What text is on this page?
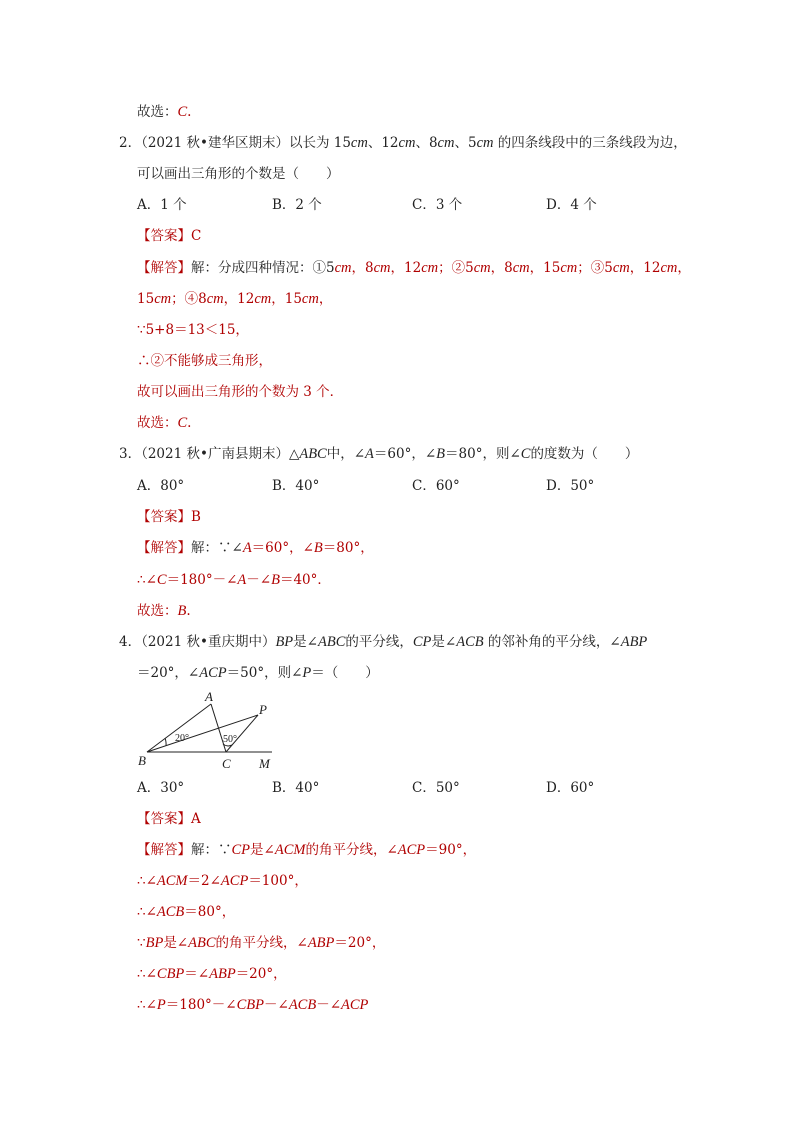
故选：C.
2．（2021 秋•建华区期末）以长为 15cm、12cm、8cm、5cm 的四条线段中的三条线段为边，
可以画出三角形的个数是（　　）
【答案】C
【解答】解：分成四种情况：①5cm，8cm，12cm；②5cm，8cm，15cm；③5cm，12cm，
15cm；④8cm，12cm，15cm，
∵5+8＝13＜15，
∴②不能够成三角形，
故可以画出三角形的个数为 3 个．
故选：C.
3．（2021 秋•广南县期末）△ABC中，∠A＝60°，∠B＝80°，则∠C的度数为（　　）
【答案】B
【解答】解：∵∠A＝60°，∠B＝80°，
∴∠C＝180°－∠A－∠B＝40°．
故选：B.
4．（2021 秋•重庆期中）BP是∠ABC的平分线，CP是∠ACB 的邻补角的平分线，∠ABP
＝20°，∠ACP＝50°，则∠P＝（　　）
【答案】A
【解答】解：∵CP是∠ACM的角平分线，∠ACP＝90°，
∴∠ACM＝2∠ACP＝100°，
∴∠ACB＝80°，
∵BP是∠ABC的角平分线，∠ABP＝20°，
∴∠CBP＝∠ABP＝20°，
∴∠P＝180°－∠CBP－∠ACB－∠ACP
A．1 个	B．2 个	C．3 个	D．4 个
A．80°	B．40°	C．60°	D．50°
A．30°	B．40°	C．50°	D．60°
A
P
B	C M
20°	50°
